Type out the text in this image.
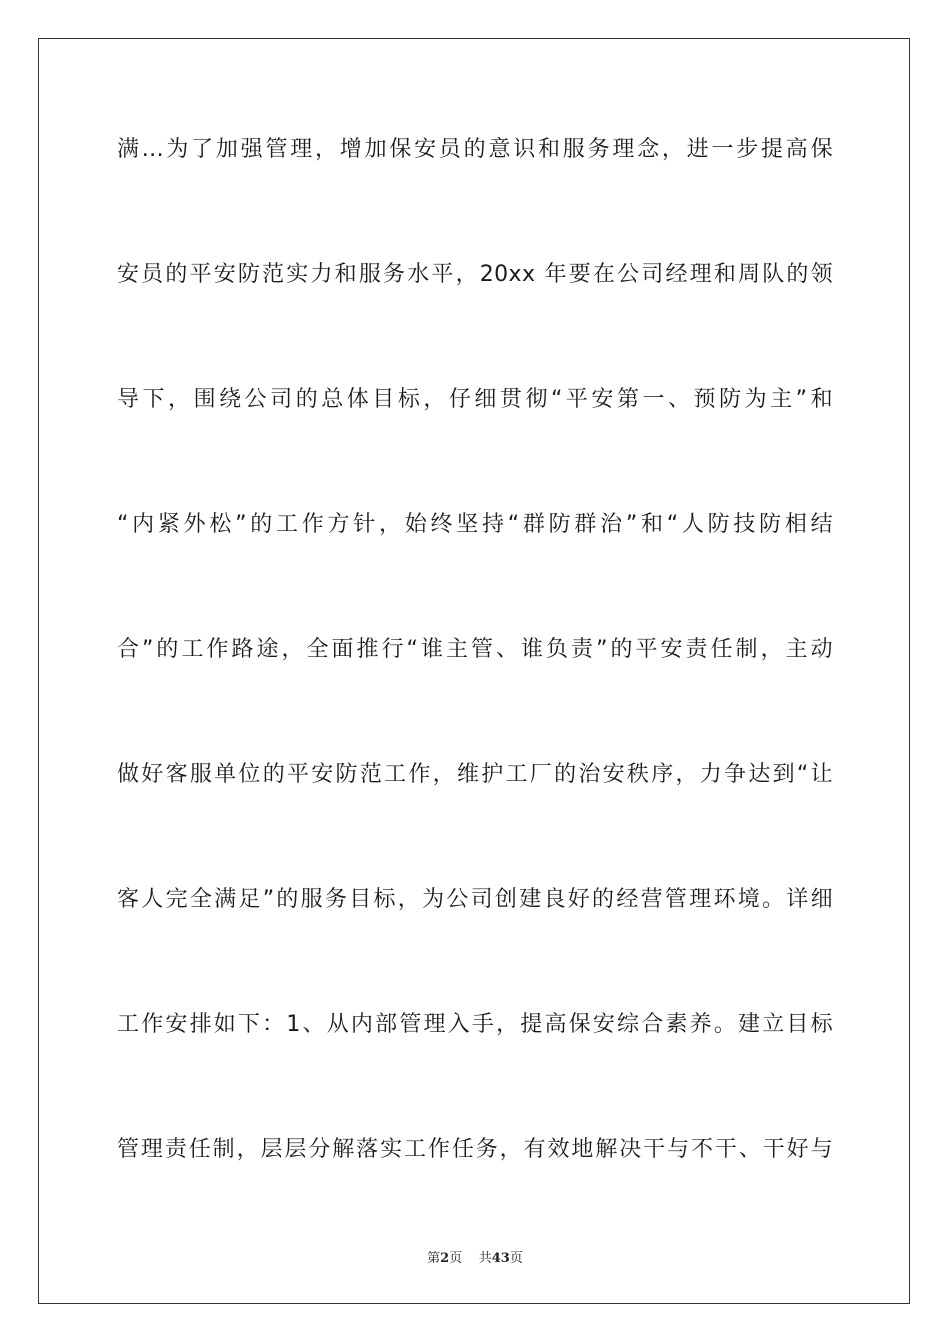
满...为了加强管理，增加保安员的意识和服务理念，进一步提高保
安员的平安防范实力和服务水平，20xx 年要在公司经理和周队的领
导下，围绕公司的总体目标，仔细贯彻“平安第一、预防为主”和
“内紧外松”的工作方针，始终坚持“群防群治”和“人防技防相结
合”的工作路途，全面推行“谁主管、谁负责”的平安责任制，主动
做好客服单位的平安防范工作，维护工厂的治安秩序，力争达到“让
客人完全满足”的服务目标，为公司创建良好的经营管理环境。详细
工作安排如下：1、从内部管理入手，提高保安综合素养。建立目标
管理责任制，层层分解落实工作任务，有效地解决干与不干、干好与
第2页    共43页
